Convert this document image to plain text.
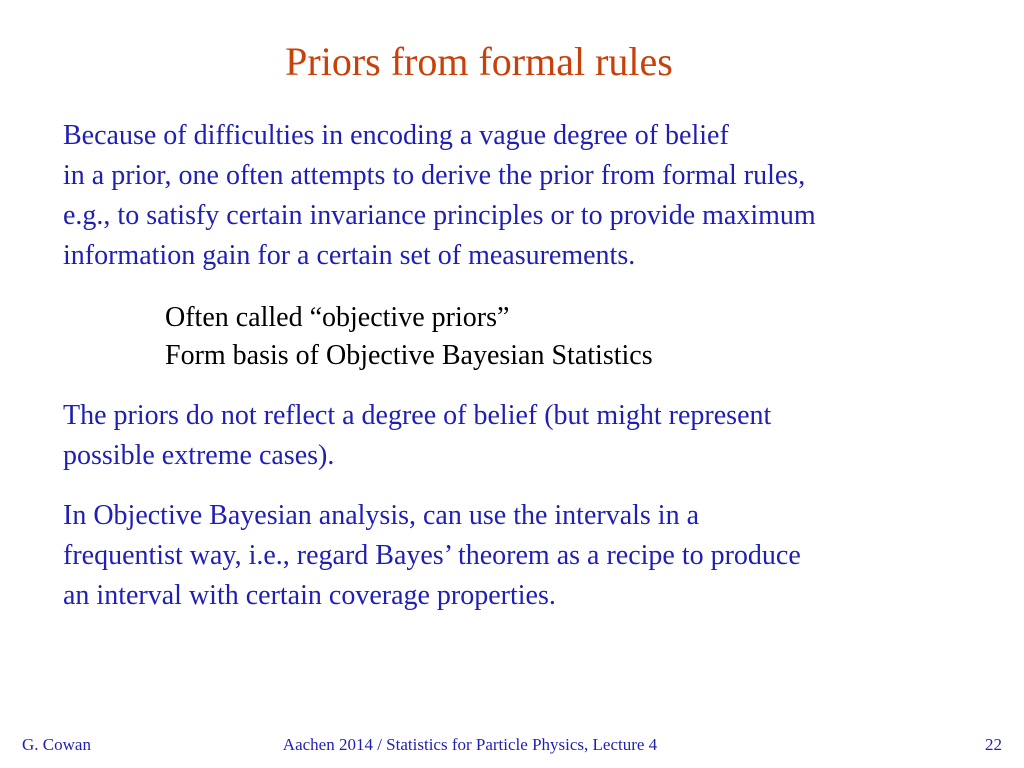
Priors from formal rules

Because of difficulties in encoding a vague degree of belief
in a prior, one often attempts to derive the prior from formal rules,
e.g., to satisfy certain invariance principles or to provide maximum
information gain for a certain set of measurements.

Often called “objective priors”
Form basis of Objective Bayesian Statistics

The priors do not reflect a degree of belief (but might represent
possible extreme cases).

In Objective Bayesian analysis, can use the intervals in a
frequentist way, i.e., regard Bayes’ theorem as a recipe to produce
an interval with certain coverage properties.

G. Cowan	Aachen 2014 / Statistics for Particle Physics, Lecture 4	22
